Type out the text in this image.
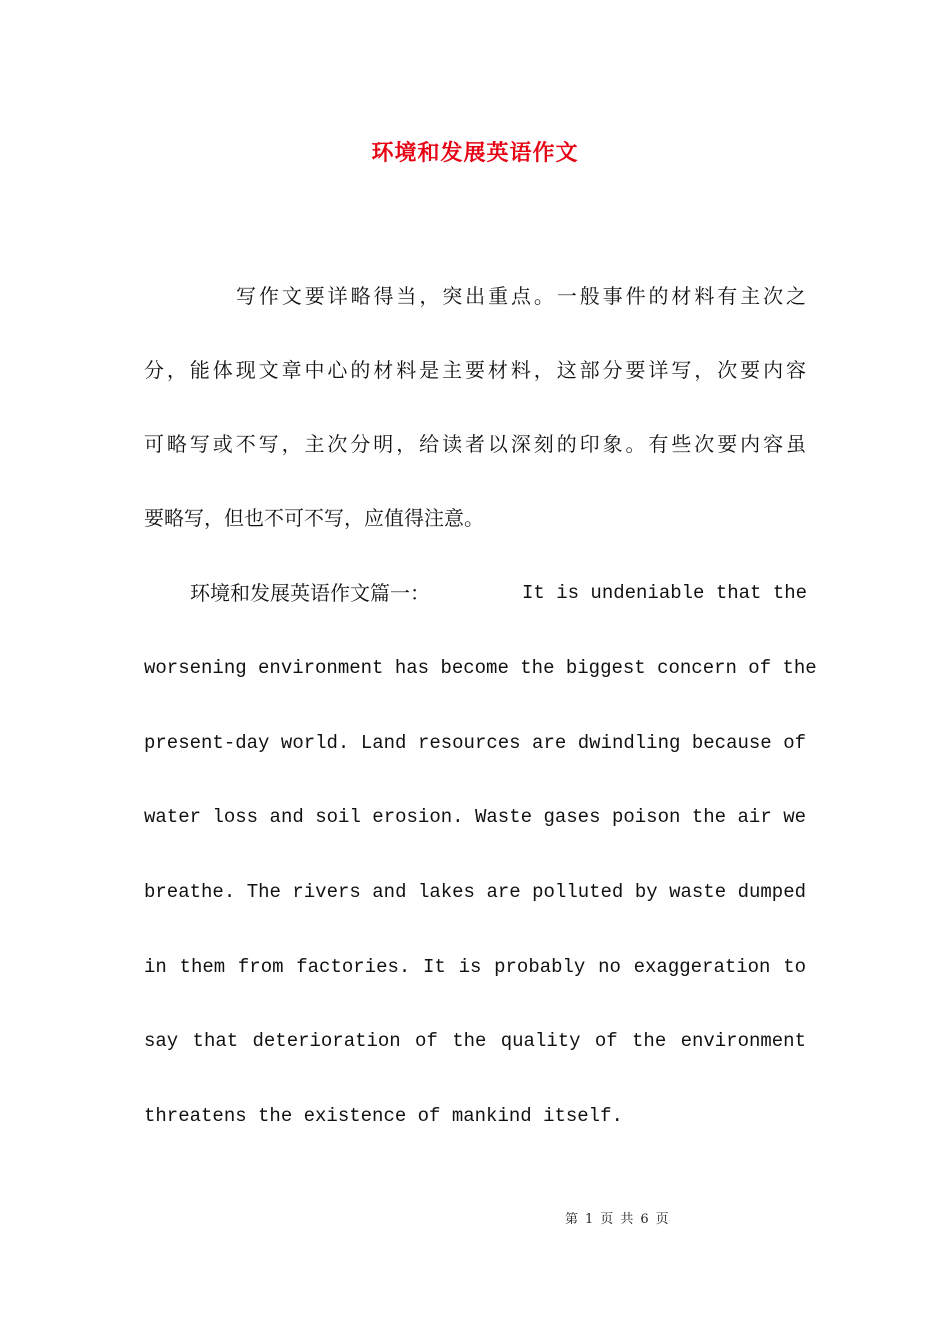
环境和发展英语作文
写作文要详略得当，突出重点。一般事件的材料有主次之
分，能体现文章中心的材料是主要材料，这部分要详写，次要内容
可略写或不写，主次分明，给读者以深刻的印象。有些次要内容虽
要略写，但也不可不写，应值得注意。
环境和发展英语作文篇一：	It is undeniable that the
worsening environment has become the biggest concern of the
present-day world. Land resources are dwindling because of
water loss and soil erosion. Waste gases poison the air we
breathe. The rivers and lakes are polluted by waste dumped
in them from factories. It is probably no exaggeration to
say that deterioration of the quality of the environment
threatens the existence of mankind itself.
第 1 页 共 6 页
